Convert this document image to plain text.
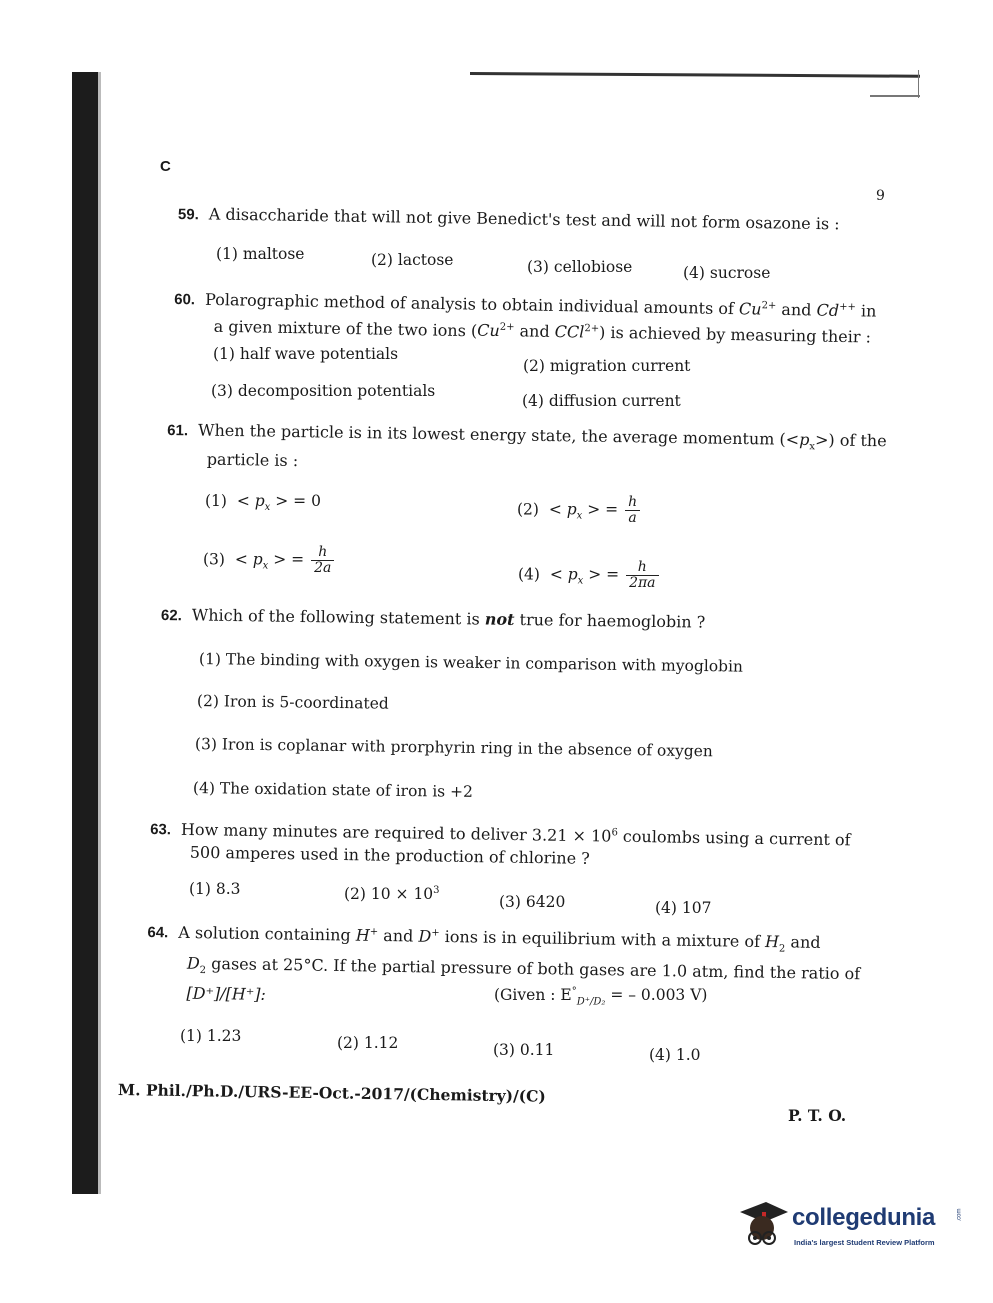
C
9
59. A disaccharide that will not give Benedict's test and will not form osazone is :
(1) maltose	(2) lactose	(3) cellobiose	(4) sucrose
60. Polarographic method of analysis to obtain individual amounts of $Cu^{2+}$ and Cd++ in
a given mixture of the two ions ($Cu^{2+}$ and CCl$^{2+}$) is achieved by measuring their :
(1) half wave potentials
(2) migration current
(3) decomposition potentials
(4) diffusion current
61. When the particle is in its lowest energy state, the average momentum $(<p_x>)$ of the
particle is :
$(1) < p_x$ > = 0	$(2) < p_x$ > = $\frac{h}{a}$
$(3) < p_x$ > = $\frac{h}{2a}$	$(4) < p_x$ > = $\frac{h}{2\pi a}$
62. Which of the following statement is not true for haemoglobin ?
(1) The binding with oxygen is weaker in comparison with myoglobin
(2) Iron is 5-coordinated
(3) Iron is coplanar with prorphyrin ring in the absence of oxygen
(4) The oxidation state of iron is +2
63. How many minutes are required to deliver $3.21 \times 10^6$ coulombs using a current of
500 amperes used in the production of chlorine ?
(1) 8.3	(2) $10 \times 10^3$
(3) 6420	(4) 107
64. A solution containing H+ and D+ ions is in equilibrium with a mixture of $H_2$ and
$D_2$ gases at 25°C. If the partial pressure of both gases are 1.0 atm, find the ratio of
[D⁺]/[H⁺]:	(Given : $E^\circ_{D^+/D_2}$ = – 0.003 V)
(1) 1.23	(2) 1.12	(3) 0.11	(4) 1.0
M. Phil./Ph.D./URS-EE-Oct.-2017/(Chemistry)/(C)
P. T. O.
collegedunia
India's largest Student Review Platform
.com
